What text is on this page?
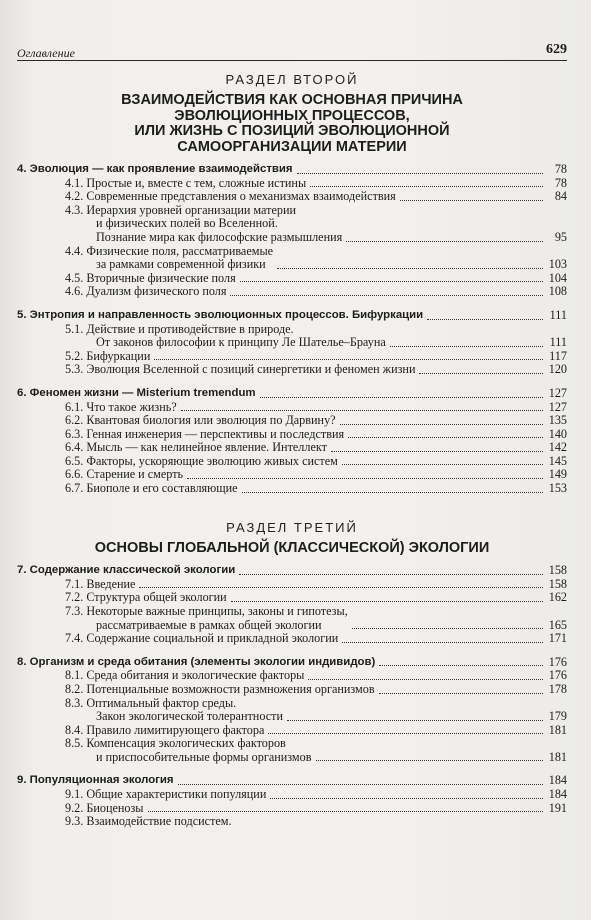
Оглавление	629
РАЗДЕЛ ВТОРОЙ
ВЗАИМОДЕЙСТВИЯ КАК ОСНОВНАЯ ПРИЧИНА
ЭВОЛЮЦИОННЫХ ПРОЦЕССОВ,
ИЛИ ЖИЗНЬ С ПОЗИЦИЙ ЭВОЛЮЦИОННОЙ
САМООРГАНИЗАЦИИ МАТЕРИИ
4. Эволюция — как проявление взаимодействия	78
4.1. Простые и, вместе с тем, сложные истины	78
4.2. Современные представления о механизмах взаимодействия	84
4.3. Иерархия уровней организации материи
и физических полей во Вселенной.
Познание мира как философские размышления	95
4.4. Физические поля, рассматриваемые
за рамками современной физики	103
4.5. Вторичные физические поля	104
4.6. Дуализм физического поля	108
5. Энтропия и направленность эволюционных процессов. Бифуркации	111
5.1. Действие и противодействие в природе.
От законов философии к принципу Ле Шателье–Брауна	111
5.2. Бифуркации	117
5.3. Эволюция Вселенной с позиций синергетики и феномен жизни	120
6. Феномен жизни — Misterium tremendum	127
6.1. Что такое жизнь?	127
6.2. Квантовая биология или эволюция по Дарвину?	135
6.3. Генная инженерия — перспективы и последствия	140
6.4. Мысль — как нелинейное явление. Интеллект	142
6.5. Факторы, ускоряющие эволюцию живых систем	145
6.6. Старение и смерть	149
6.7. Биополе и его составляющие	153
РАЗДЕЛ ТРЕТИЙ
ОСНОВЫ ГЛОБАЛЬНОЙ (КЛАССИЧЕСКОЙ) ЭКОЛОГИИ
7. Содержание классической экологии	158
7.1. Введение	158
7.2. Структура общей экологии	162
7.3. Некоторые важные принципы, законы и гипотезы,
рассматриваемые в рамках общей экологии	165
7.4. Содержание социальной и прикладной экологии	171
8. Организм и среда обитания (элементы экологии индивидов)	176
8.1. Среда обитания и экологические факторы	176
8.2. Потенциальные возможности размножения организмов	178
8.3. Оптимальный фактор среды.
Закон экологической толерантности	179
8.4. Правило лимитирующего фактора	181
8.5. Компенсация экологических факторов
и приспособительные формы организмов	181
9. Популяционная экология	184
9.1. Общие характеристики популяции	184
9.2. Биоценозы	191
9.3. Взаимодействие подсистем.
